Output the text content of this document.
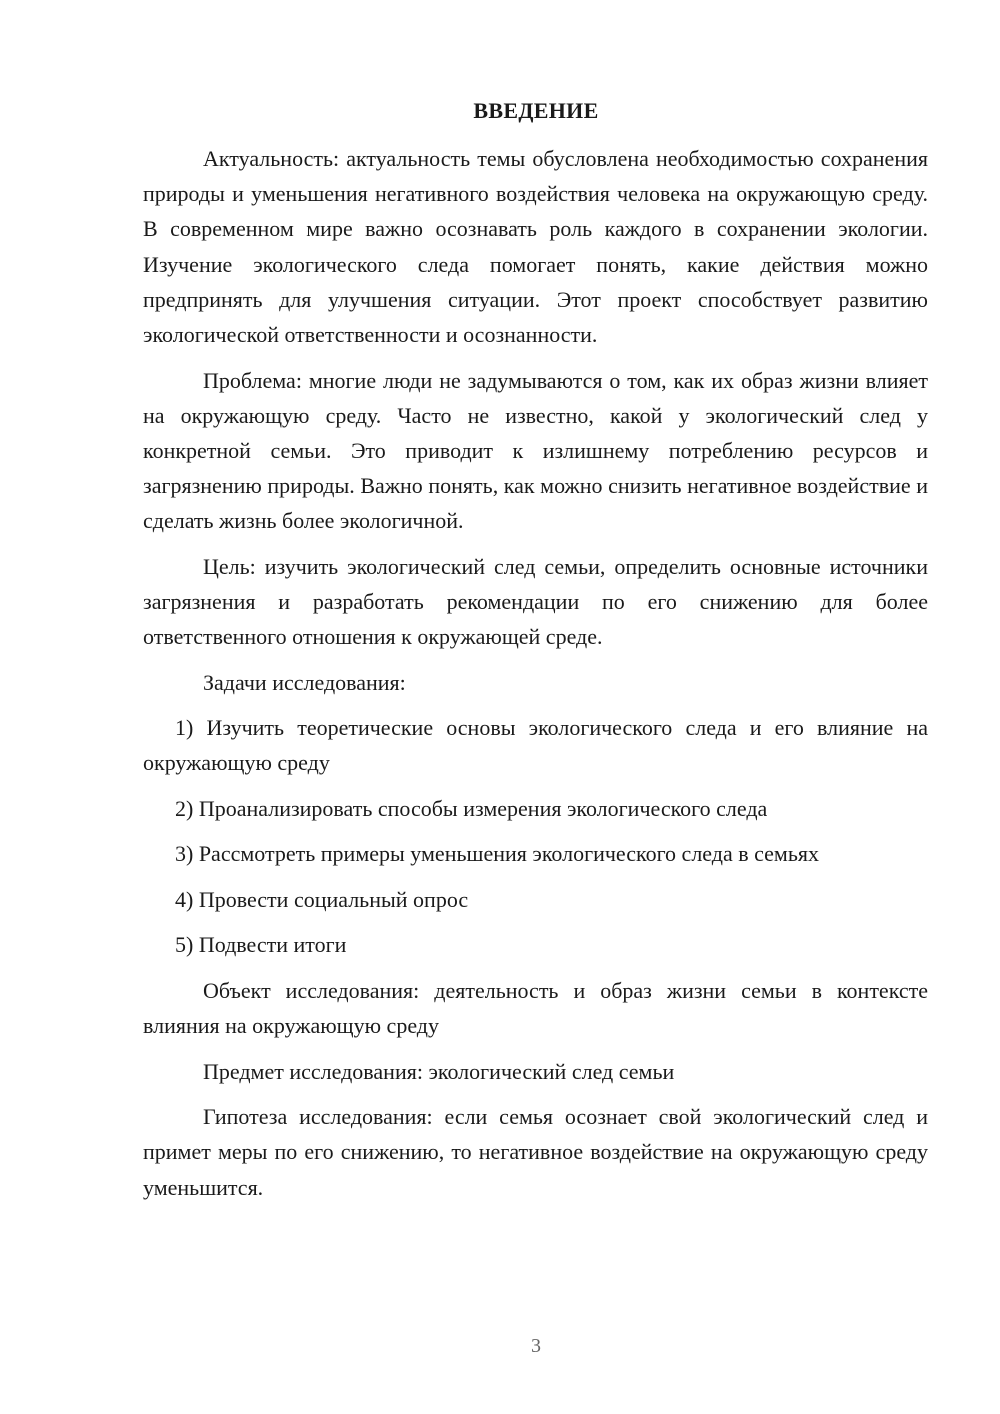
ВВЕДЕНИЕ

Актуальность: актуальность темы обусловлена необходимостью сохранения природы и уменьшения негативного воздействия человека на окружающую среду. В современном мире важно осознавать роль каждого в сохранении экологии. Изучение экологического следа помогает понять, какие действия можно предпринять для улучшения ситуации. Этот проект способствует развитию экологической ответственности и осознанности.

Проблема: многие люди не задумываются о том, как их образ жизни влияет на окружающую среду. Часто не известно, какой у экологический след у конкретной семьи. Это приводит к излишнему потреблению ресурсов и загрязнению природы. Важно понять, как можно снизить негативное воздействие и сделать жизнь более экологичной.

Цель: изучить экологический след семьи, определить основные источники загрязнения и разработать рекомендации по его снижению для более ответственного отношения к окружающей среде.

Задачи исследования:

1) Изучить теоретические основы экологического следа и его влияние на окружающую среду

2) Проанализировать способы измерения экологического следа

3) Рассмотреть примеры уменьшения экологического следа в семьях

4) Провести социальный опрос

5) Подвести итоги

Объект исследования: деятельность и образ жизни семьи в контексте влияния на окружающую среду

Предмет исследования: экологический след семьи

Гипотеза исследования: если семья осознает свой экологический след и примет меры по его снижению, то негативное воздействие на окружающую среду уменьшится.

3
